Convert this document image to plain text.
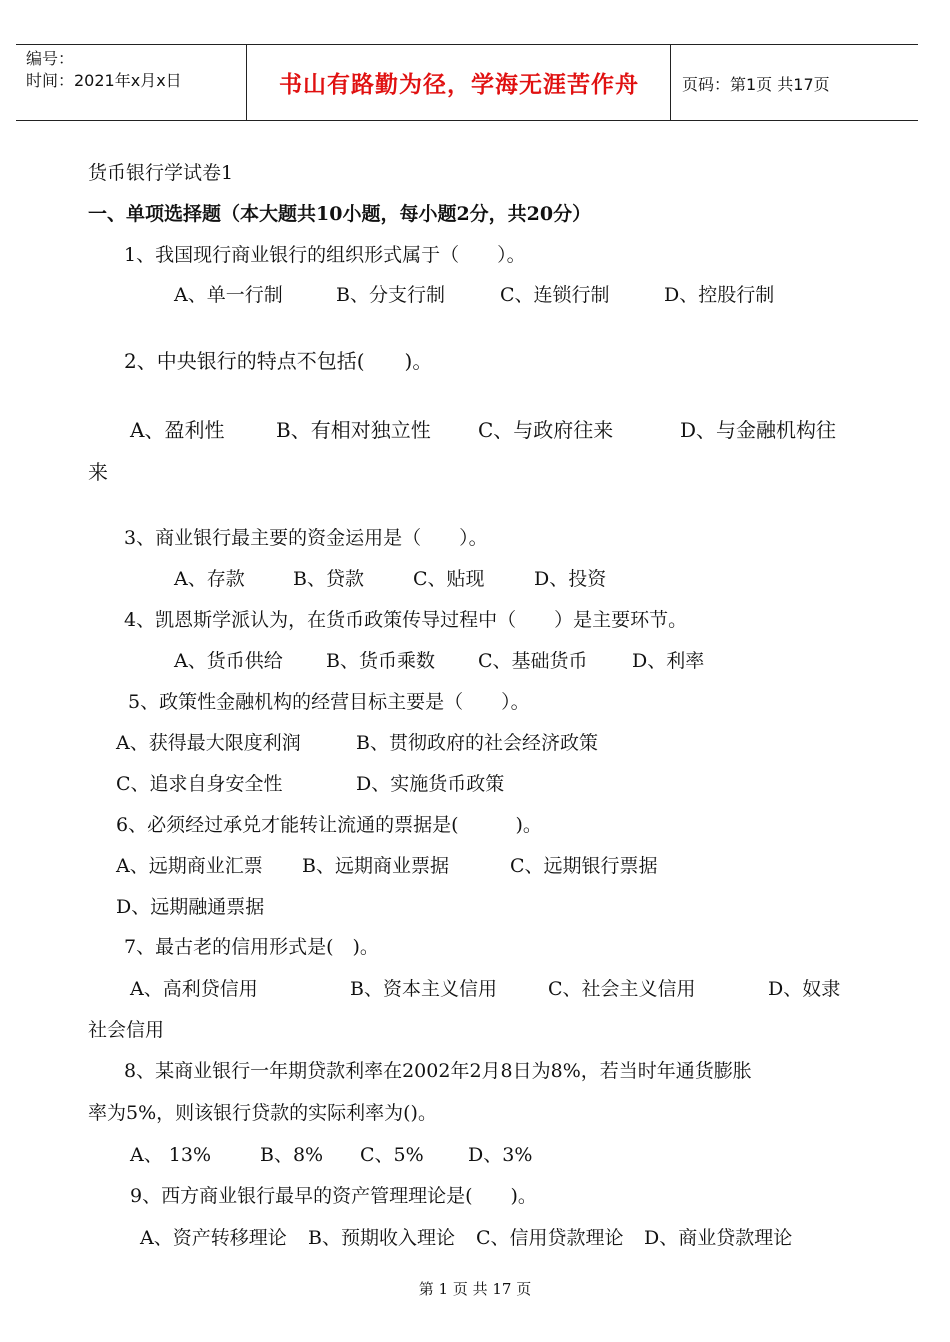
编号：
时间：2021年x月x日	书山有路勤为径，学海无涯苦作舟	页码：第1页 共17页
货币银行学试卷1
一、单项选择题（本大题共10小题，每小题2分，共20分）
1、我国现行商业银行的组织形式属于（　　）。
A、单一行制	B、分支行制	C、连锁行制	D、控股行制
2、中央银行的特点不包括(　　)。
A、盈利性	B、有相对独立性 C、与政府往来	D、与金融机构往
来
3、商业银行最主要的资金运用是（　　）。
A、存款	B、贷款	C、贴现	D、投资
4、凯恩斯学派认为，在货币政策传导过程中（　　）是主要环节。
A、货币供给 B、货币乘数 C、基础货币 D、利率
5、政策性金融机构的经营目标主要是（　　）。
A、获得最大限度利润	B、贯彻政府的社会经济政策
C、追求自身安全性	D、实施货币政策
6、必须经过承兑才能转让流通的票据是(　　　)。
A、远期商业汇票 B、远期商业票据	C、远期银行票据
D、远期融通票据
7、最古老的信用形式是(　)。
A、高利贷信用	B、资本主义信用	C、社会主义信用	D、奴隶
社会信用
8、某商业银行一年期贷款利率在2002年2月8日为8%，若当时年通货膨胀
率为5%，则该银行贷款的实际利率为()。
A、 13%	B、8% C、5% D、3%
9、西方商业银行最早的资产管理理论是(　　)。
A、资产转移理论 B、预期收入理论 C、信用贷款理论 D、商业贷款理论
第 1 页 共 17 页
